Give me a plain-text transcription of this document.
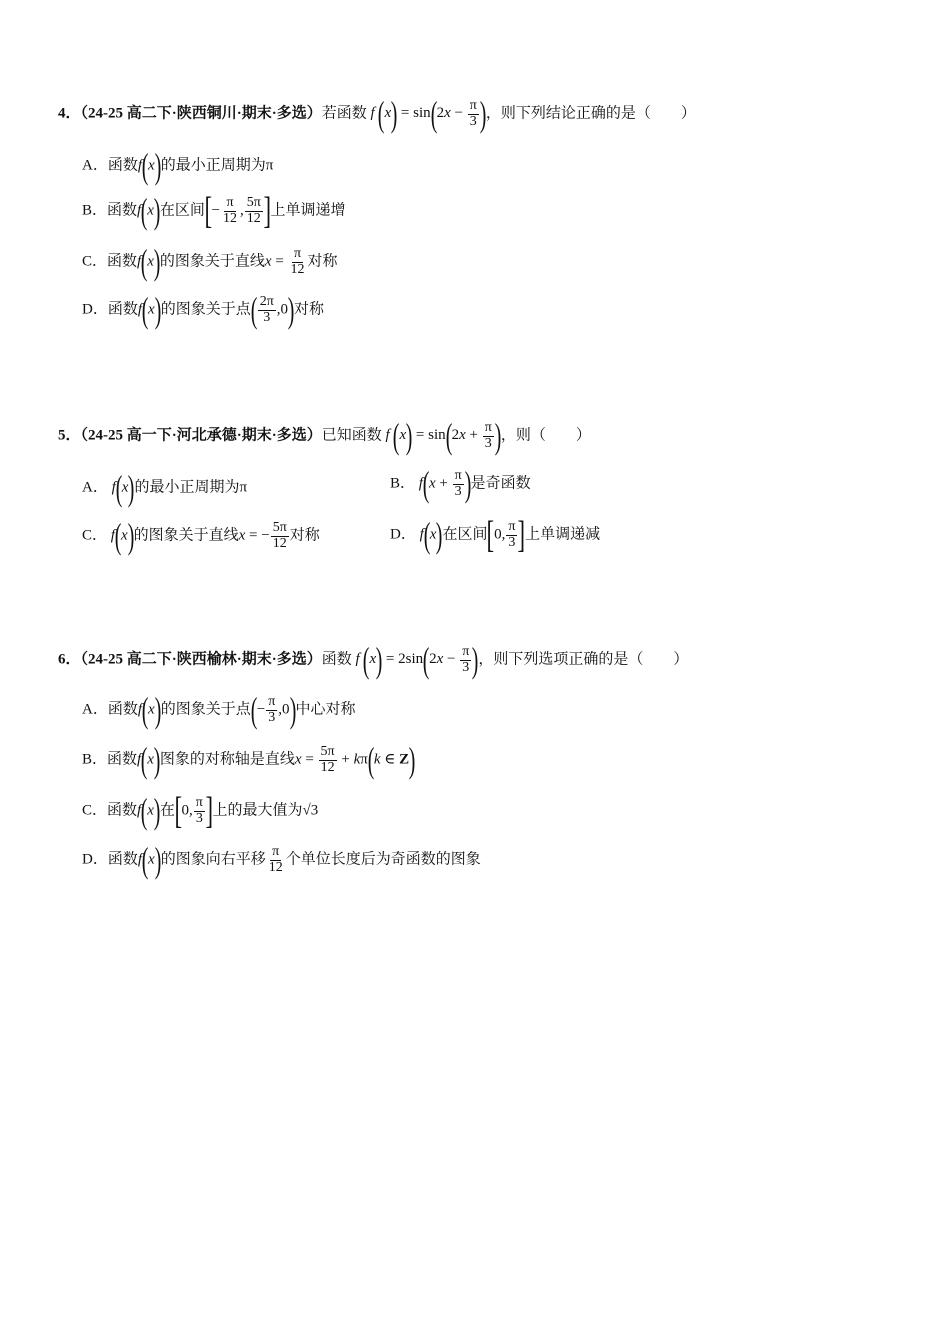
4．（24-25 高二下·陕西铜川·期末·多选）若函数 f $(x) = \sin(2x - \frac{\pi}{3}$ )，则下列结论正确的是（　　）
A．函数f(x)的最小正周期为π
B．函数f(x)在区间[− $\frac{\pi}{12}$ , $\frac{5\pi}{12}$ ]上单调递增
C．函数f(x)的图象关于直线$x = \frac{\pi}{12}$ 对称
D．函数f(x)的图象关于点( $\frac{2\pi}{3} ,0$)对称
5．（24-25 高一下·河北承德·期末·多选）已知函数 f $(x) = \sin(2x + \frac{\pi}{3}$ )，则（　　）
A． f(x)的最小正周期为π	B． $f(x + \frac{\pi}{3}$ )是奇函数
C． f(x)的图象关于直线x = − $\frac{5\pi}{12}$ 对称	D． f(x)在区间[0, $\frac{\pi}{3}$ ]上单调递减
6．（24-25 高二下·陕西榆林·期末·多选）函数 f $(x) = 2\sin(2x - \frac{\pi}{3}$ )，则下列选项正确的是（　　）
A．函数f(x)的图象关于点(− $\frac{\pi}{3} ,0$)中心对称
B．函数f(x)图象的对称轴是直线$x = \frac{5\pi}{12} + k\pi(k$ ∈ Z)
C．函数f(x)在[0, $\frac{\pi}{3}$ ]上的最大值为√3
D．函数f(x)的图象向右平移 $\frac{\pi}{12}$ 个单位长度后为奇函数的图象
